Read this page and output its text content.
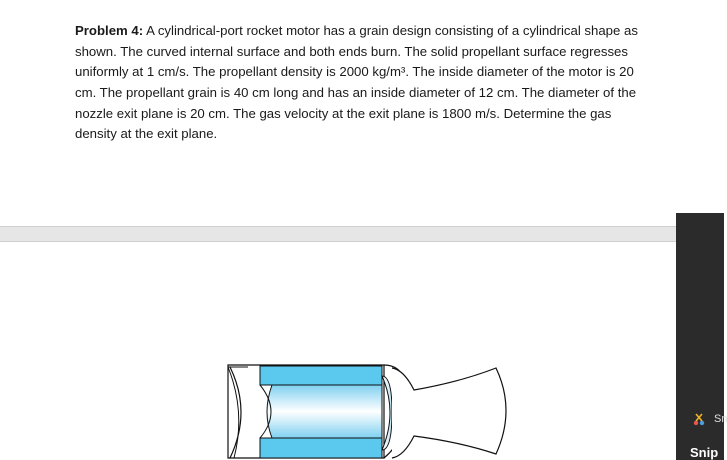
Problem 4: A cylindrical-port rocket motor has a grain design consisting of a cylindrical shape as shown. The curved internal surface and both ends burn. The solid propellant surface regresses uniformly at 1 cm/s. The propellant density is 2000 kg/m³. The inside diameter of the motor is 20 cm. The propellant grain is 40 cm long and has an inside diameter of 12 cm. The diameter of the nozzle exit plane is 20 cm. The gas velocity at the exit plane is 1800 m/s. Determine the gas density at the exit plane.

Sn
Snip
